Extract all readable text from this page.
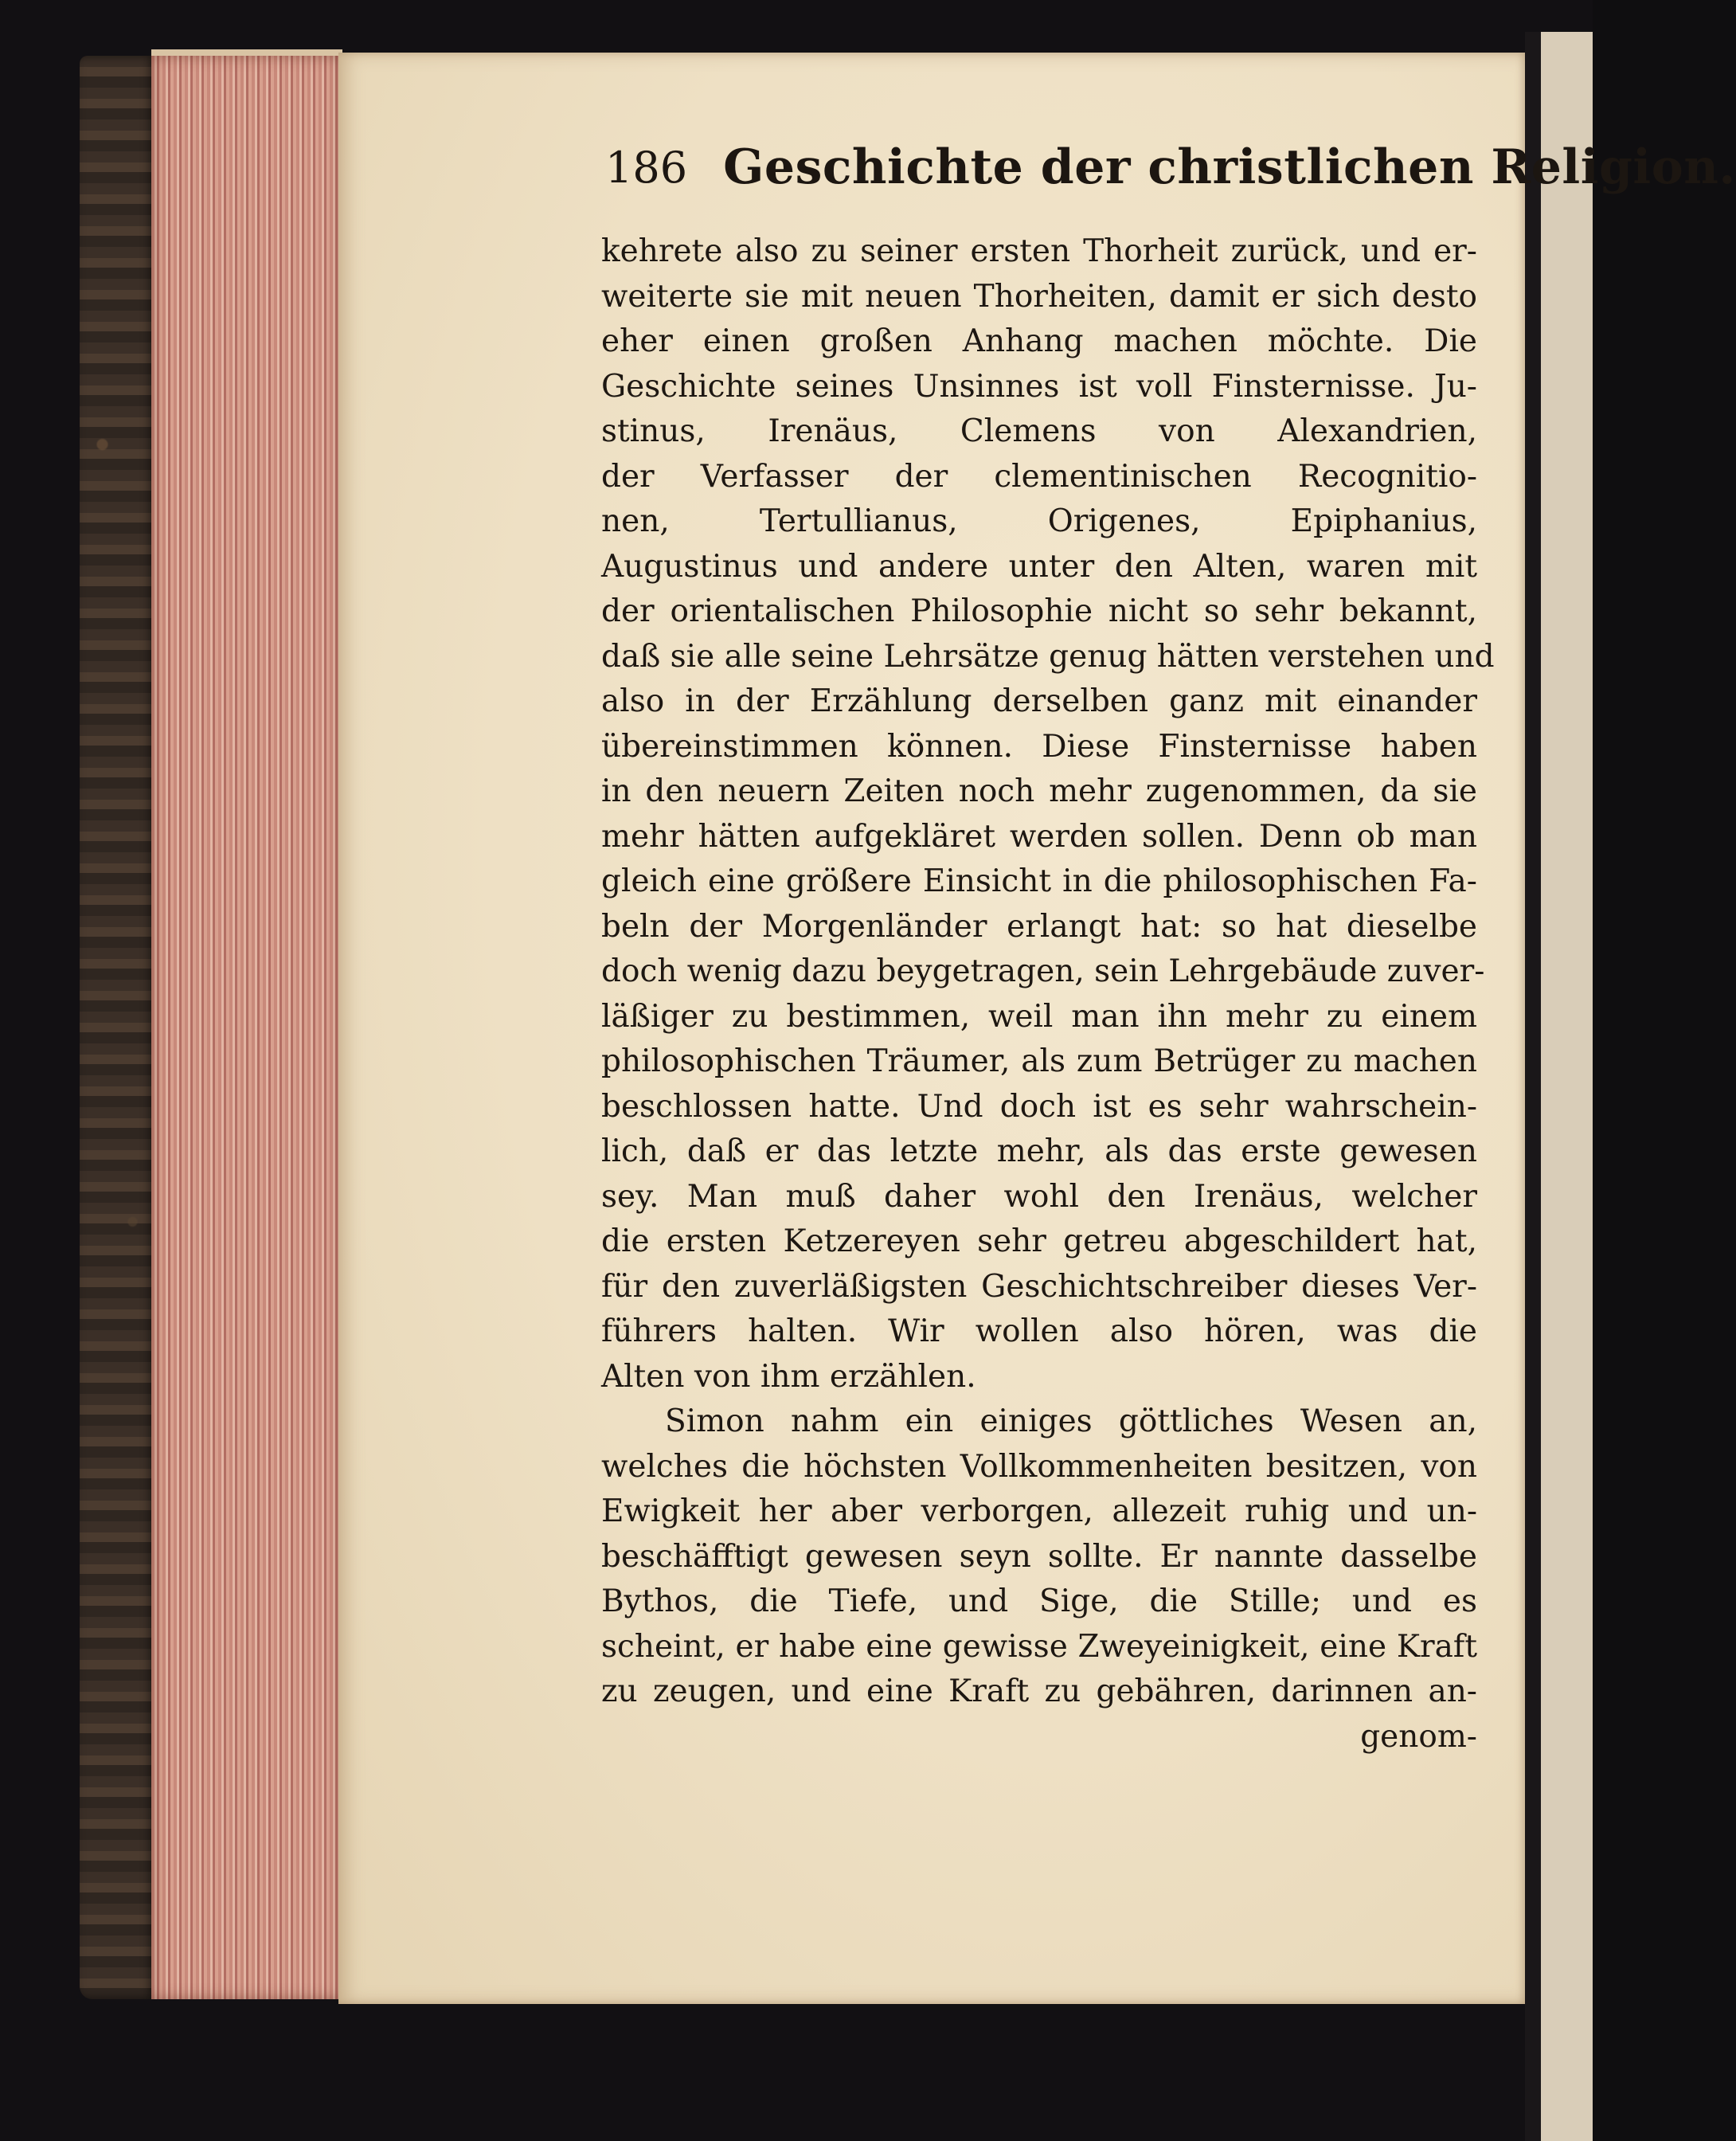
186 Geschichte der christlichen Religion.
kehrete also zu seiner ersten Thorheit zurück, und er-
weiterte sie mit neuen Thorheiten, damit er sich desto
eher einen großen Anhang machen möchte. Die
Geschichte seines Unsinnes ist voll Finsternisse. Ju-
stinus, Irenäus, Clemens von Alexandrien,
der Verfasser der clementinischen Recognitio-
nen, Tertullianus, Origenes, Epiphanius,
Augustinus und andere unter den Alten, waren mit
der orientalischen Philosophie nicht so sehr bekannt,
daß sie alle seine Lehrsätze genug hätten verstehen und
also in der Erzählung derselben ganz mit einander
übereinstimmen können. Diese Finsternisse haben
in den neuern Zeiten noch mehr zugenommen, da sie
mehr hätten aufgekläret werden sollen. Denn ob man
gleich eine größere Einsicht in die philosophischen Fa-
beln der Morgenländer erlangt hat: so hat dieselbe
doch wenig dazu beygetragen, sein Lehrgebäude zuver-
läßiger zu bestimmen, weil man ihn mehr zu einem
philosophischen Träumer, als zum Betrüger zu machen
beschlossen hatte. Und doch ist es sehr wahrschein-
lich, daß er das letzte mehr, als das erste gewesen
sey. Man muß daher wohl den Irenäus, welcher
die ersten Ketzereyen sehr getreu abgeschildert hat,
für den zuverläßigsten Geschichtschreiber dieses Ver-
führers halten. Wir wollen also hören, was die
Alten von ihm erzählen.
Simon nahm ein einiges göttliches Wesen an,
welches die höchsten Vollkommenheiten besitzen, von
Ewigkeit her aber verborgen, allezeit ruhig und un-
beschäfftigt gewesen seyn sollte. Er nannte dasselbe
Bythos, die Tiefe, und Sige, die Stille; und es
scheint, er habe eine gewisse Zweyeinigkeit, eine Kraft
zu zeugen, und eine Kraft zu gebähren, darinnen an-
genom-
